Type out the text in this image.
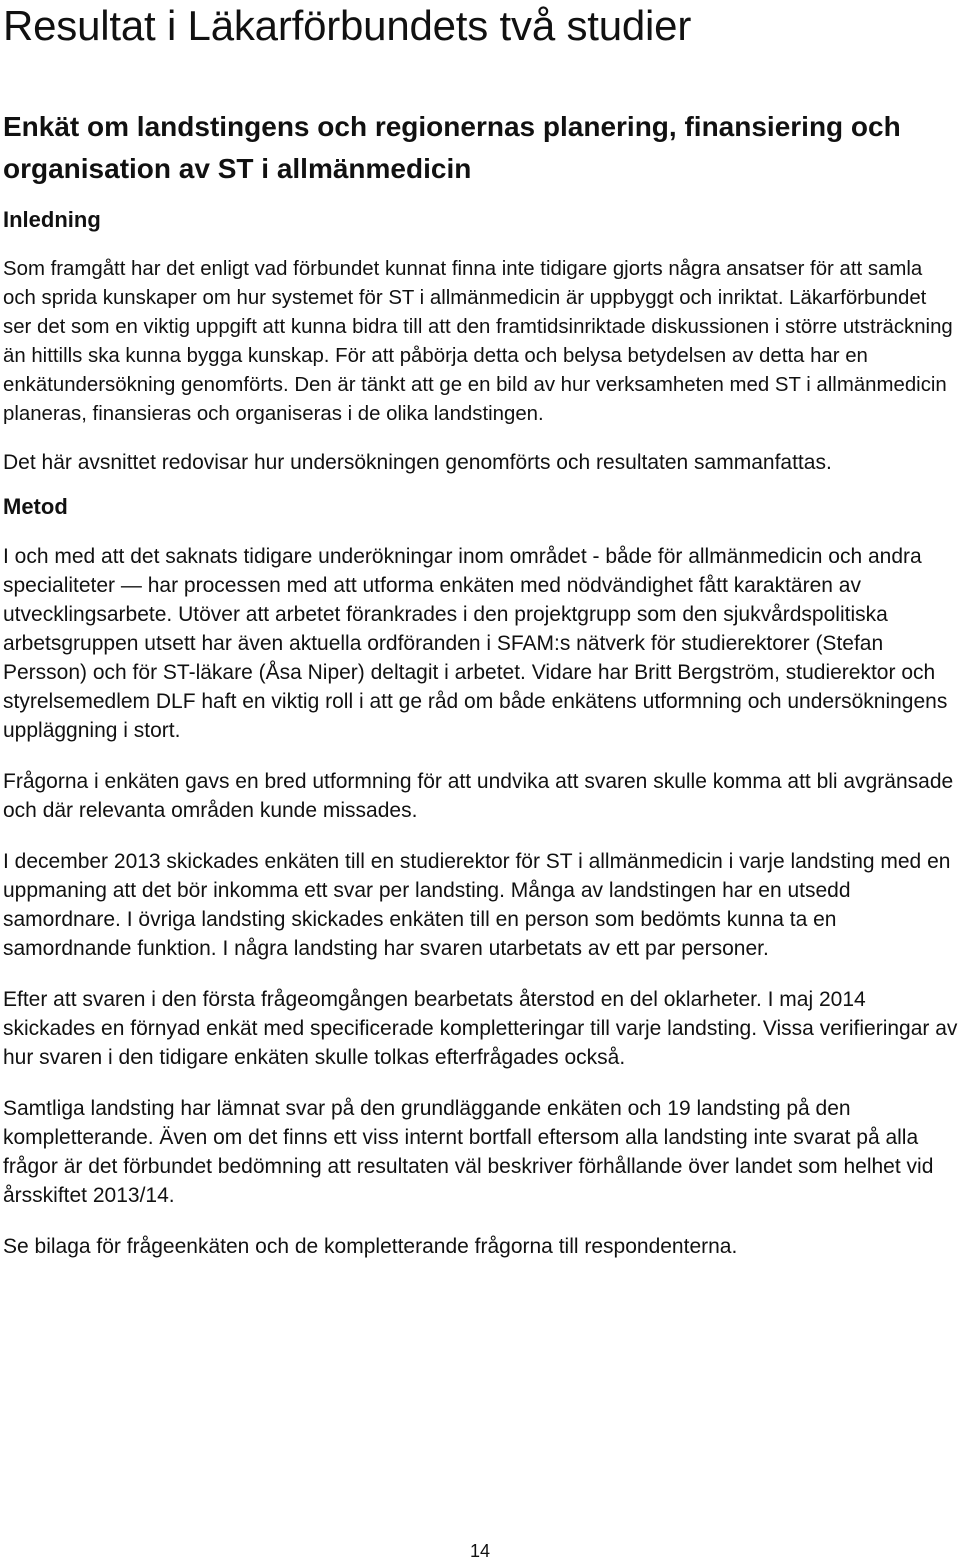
Resultat i Läkarförbundets två studier
Enkät om landstingens och regionernas planering, finansiering och organisation av ST i allmänmedicin
Inledning

Som framgått har det enligt vad förbundet kunnat finna inte tidigare gjorts några ansatser för att samla och sprida kunskaper om hur systemet för ST i allmänmedicin är uppbyggt och inriktat. Läkarförbundet ser det som en viktig uppgift att kunna bidra till att den framtidsinriktade diskussionen i större utsträckning än hittills ska kunna bygga kunskap. För att påbörja detta och belysa betydelsen av detta har en enkätundersökning genomförts. Den är tänkt att ge en bild av hur verksamheten med ST i allmänmedicin planeras, finansieras och organiseras i de olika landstingen.

Det här avsnittet redovisar hur undersökningen genomförts och resultaten sammanfattas.

Metod

I och med att det saknats tidigare underökningar inom området - både för allmänmedicin och andra specialiteter — har processen med att utforma enkäten med nödvändighet fått karaktären av utvecklingsarbete. Utöver att arbetet förankrades i den projektgrupp som den sjukvårdspolitiska arbetsgruppen utsett har även aktuella ordföranden i SFAM:s nätverk för studierektorer (Stefan Persson) och för ST-läkare (Åsa Niper) deltagit i arbetet. Vidare har Britt Bergström, studierektor och styrelsemedlem DLF haft en viktig roll i att ge råd om både enkätens utformning och undersökningens uppläggning i stort.

Frågorna i enkäten gavs en bred utformning för att undvika att svaren skulle komma att bli avgränsade och där relevanta områden kunde missades.

I december 2013 skickades enkäten till en studierektor för ST i allmänmedicin i varje landsting med en uppmaning att det bör inkomma ett svar per landsting. Många av landstingen har en utsedd samordnare. I övriga landsting skickades enkäten till en person som bedömts kunna ta en samordnande funktion. I några landsting har svaren utarbetats av ett par personer.

Efter att svaren i den första frågeomgången bearbetats återstod en del oklarheter. I maj 2014 skickades en förnyad enkät med specificerade kompletteringar till varje landsting. Vissa verifieringar av hur svaren i den tidigare enkäten skulle tolkas efterfrågades också.

Samtliga landsting har lämnat svar på den grundläggande enkäten och 19 landsting på den kompletterande. Även om det finns ett viss internt bortfall eftersom alla landsting inte svarat på alla frågor är det förbundet bedömning att resultaten väl beskriver förhållande över landet som helhet vid årsskiftet 2013/14.

Se bilaga för frågeenkäten och de kompletterande frågorna till respondenterna.

14
